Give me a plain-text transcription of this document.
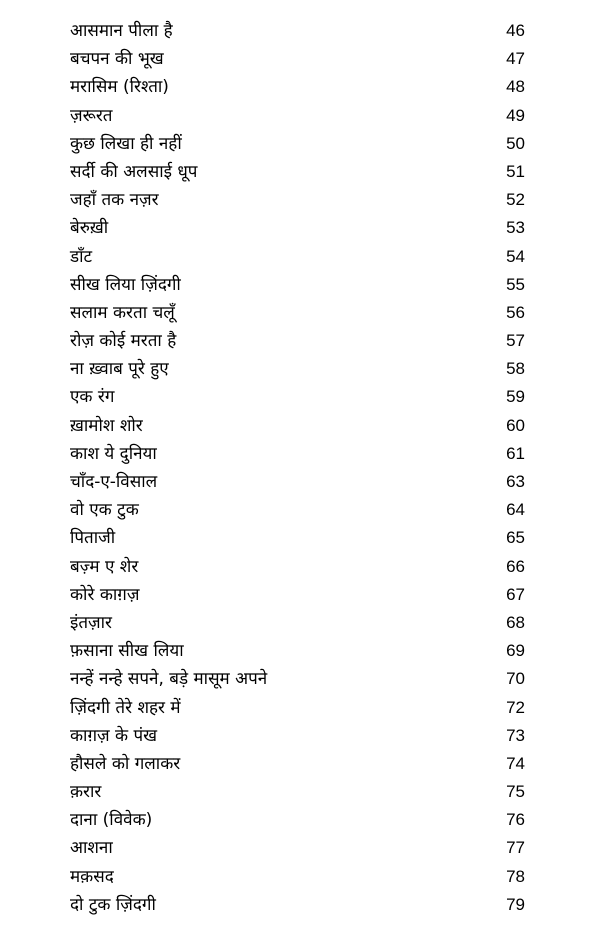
आसमान पीला है	46
बचपन की भूख	47
मरासिम (रिश्ता)	48
ज़रूरत	49
कुछ लिखा ही नहीं	50
सर्दी की अलसाई धूप	51
जहाँ तक नज़र	52
बेरुख़ी	53
डाँट	54
सीख लिया ज़िंदगी	55
सलाम करता चलूँ	56
रोज़ कोई मरता है	57
ना ख़्वाब पूरे हुए	58
एक रंग	59
ख़ामोश शोर	60
काश ये दुनिया	61
चाँद-ए-विसाल	63
वो एक टुक	64
पिताजी	65
बज़्म ए शेर	66
कोरे काग़ज़	67
इंतज़ार	68
फ़साना सीख लिया	69
नन्हें नन्हे सपने, बड़े मासूम अपने	70
ज़िंदगी तेरे शहर में	72
काग़ज़ के पंख	73
हौसले को गलाकर	74
क़रार	75
दाना (विवेक)	76
आशना	77
मक़सद	78
दो टुक ज़िंदगी	79
